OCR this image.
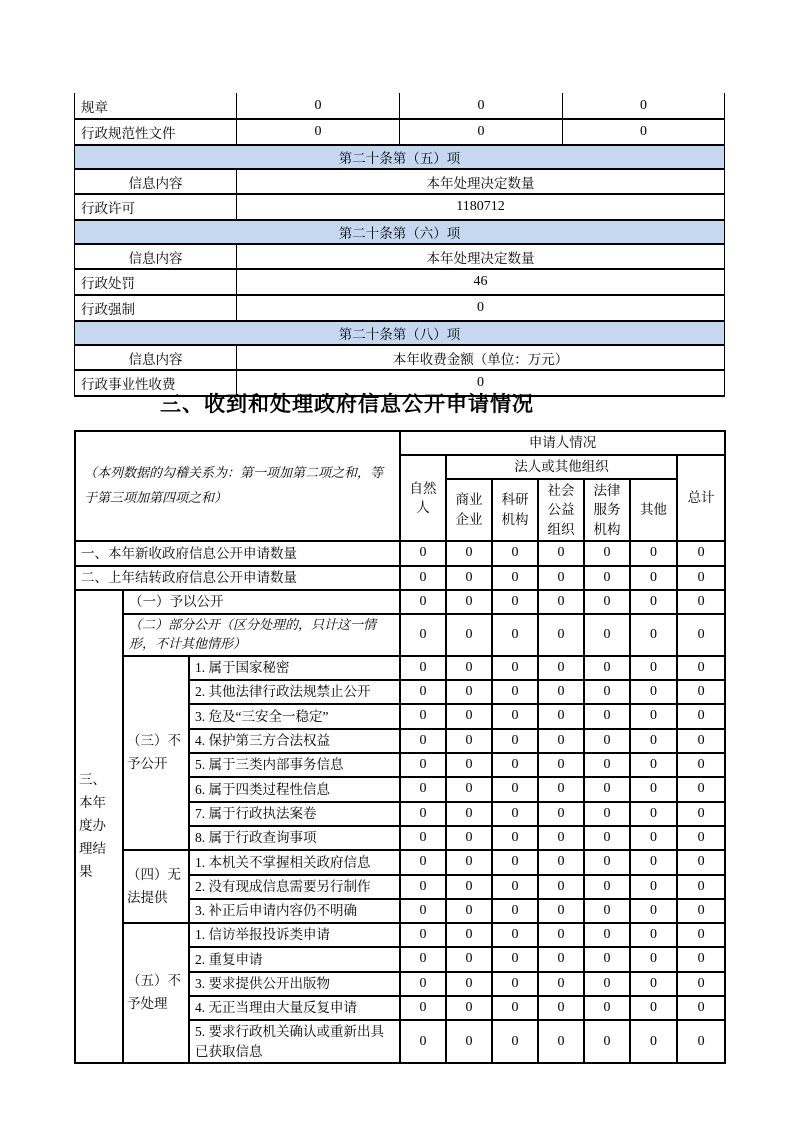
规章	0	0	0
行政规范性文件	0	0	0
第二十条第（五）项			
信息内容	本年处理决定数量		
行政许可	1180712		
第二十条第（六）项			
信息内容	本年处理决定数量		
行政处罚	46		
行政强制	0		
第二十条第（八）项			
信息内容	本年收费金额（单位：万元）		
行政事业性收费	0		
三、收到和处理政府信息公开申请情况
（本列数据的勾稽关系为：第一项加第二项之和，等于第三项加第四项之和）			申请人情况						
			自然人	法人或其他组织					总计
				商业企业	科研机构	社会公益组织	法律服务机构	其他	
一、本年新收政府信息公开申请数量			0	0	0	0	0	0	0
二、上年结转政府信息公开申请数量			0	0	0	0	0	0	0
三、本年度办理结果	（一）予以公开		0	0	0	0	0	0	0
	（二）部分公开（区分处理的，只计这一情形，不计其他情形）		0	0	0	0	0	0	0
	（三）不予公开	1. 属于国家秘密	0	0	0	0	0	0	0
		2. 其他法律行政法规禁止公开	0	0	0	0	0	0	0
		3. 危及“三安全一稳定”	0	0	0	0	0	0	0
		4. 保护第三方合法权益	0	0	0	0	0	0	0
		5. 属于三类内部事务信息	0	0	0	0	0	0	0
		6. 属于四类过程性信息	0	0	0	0	0	0	0
		7. 属于行政执法案卷	0	0	0	0	0	0	0
		8. 属于行政查询事项	0	0	0	0	0	0	0
	（四）无法提供	1. 本机关不掌握相关政府信息	0	0	0	0	0	0	0
		2. 没有现成信息需要另行制作	0	0	0	0	0	0	0
		3. 补正后申请内容仍不明确	0	0	0	0	0	0	0
	（五）不予处理	1. 信访举报投诉类申请	0	0	0	0	0	0	0
		2. 重复申请	0	0	0	0	0	0	0
		3. 要求提供公开出版物	0	0	0	0	0	0	0
		4. 无正当理由大量反复申请	0	0	0	0	0	0	0
		5. 要求行政机关确认或重新出具已获取信息	0	0	0	0	0	0	0
